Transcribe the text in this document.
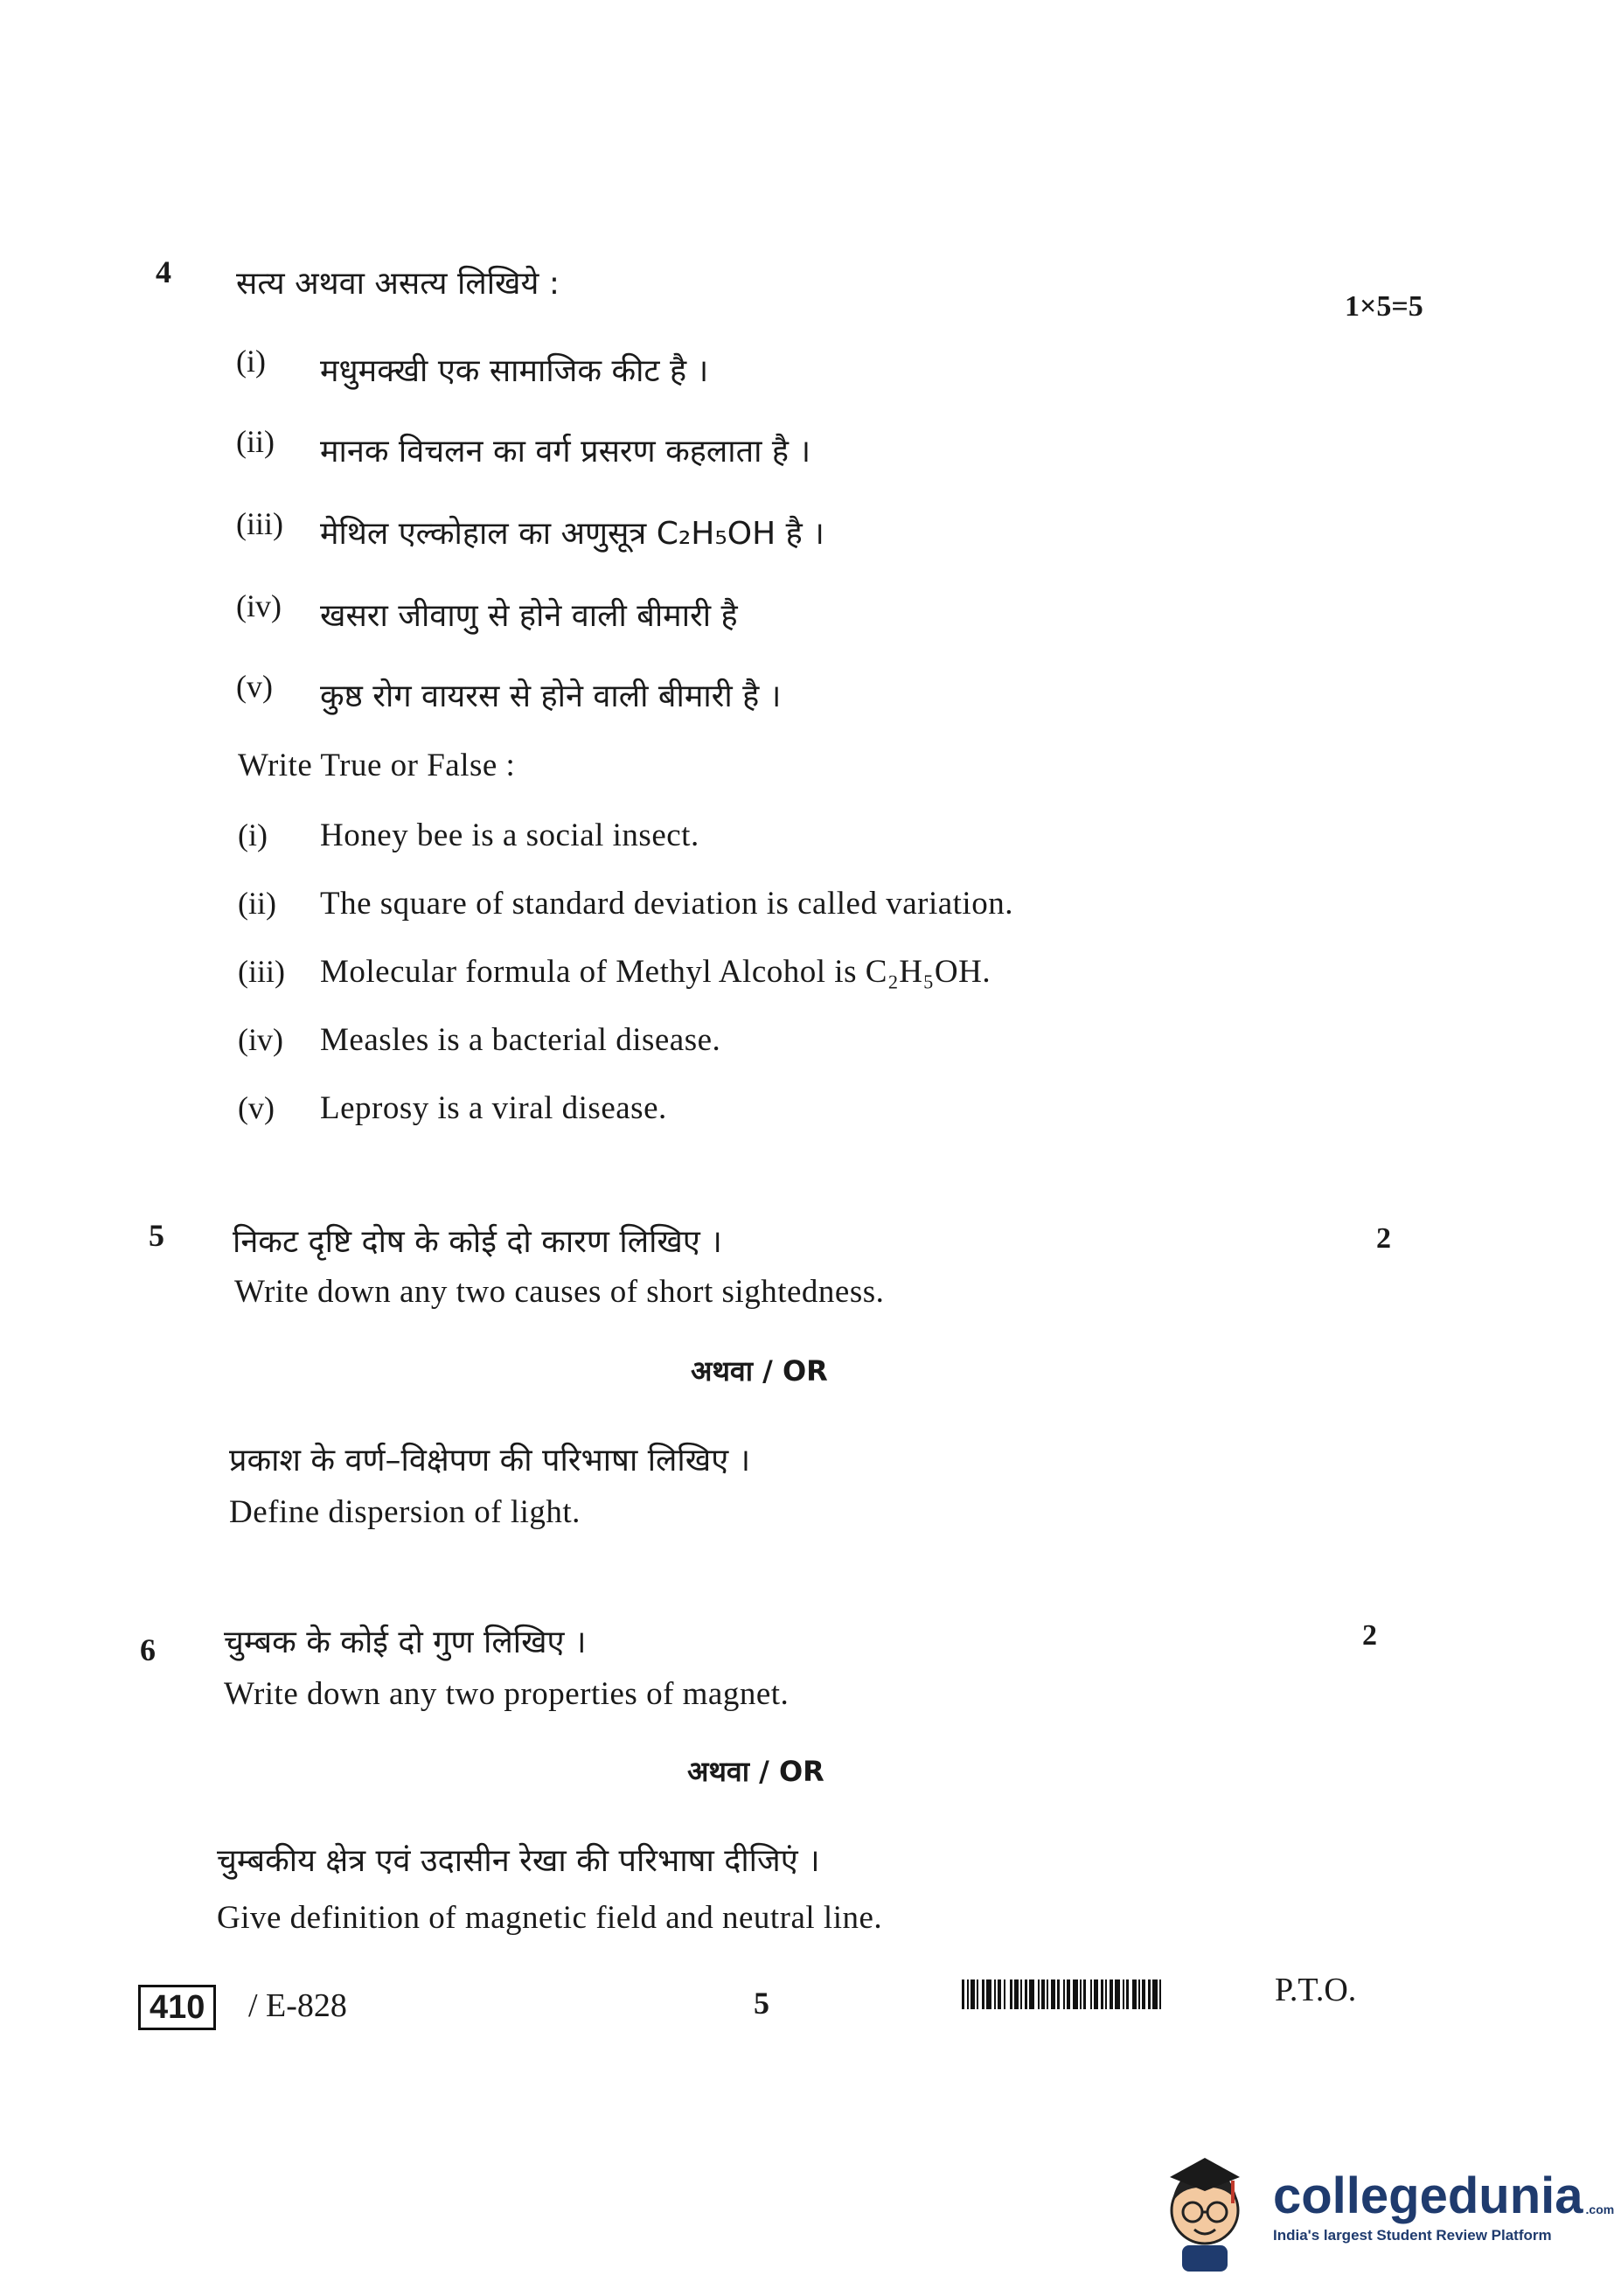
4 सत्य अथवा असत्य लिखिये :
1×5=5
(i) मधुमक्खी एक सामाजिक कीट है ।
(ii) मानक विचलन का वर्ग प्रसरण कहलाता है ।
(iii) मेथिल एल्कोहाल का अणुसूत्र C₂H₅OH है ।
(iv) खसरा जीवाणु से होने वाली बीमारी है
(v) कुष्ठ रोग वायरस से होने वाली बीमारी है ।
Write True or False :
(i) Honey bee is a social insect.
(ii) The square of standard deviation is called variation.
(iii) Molecular formula of Methyl Alcohol is C₂H₅OH.
(iv) Measles is a bacterial disease.
(v) Leprosy is a viral disease.
5 निकट दृष्टि दोष के कोई दो कारण लिखिए ।	2
Write down any two causes of short sightedness.
अथवा / OR
प्रकाश के वर्ण–विक्षेपण की परिभाषा लिखिए ।
Define dispersion of light.
6 चुम्बक के कोई दो गुण लिखिए ।	2
Write down any two properties of magnet.
अथवा / OR
चुम्बकीय क्षेत्र एवं उदासीन रेखा की परिभाषा दीजिएं ।
Give definition of magnetic field and neutral line.
410	/ E-828	5	P.T.O.
collegedunia .com
India's largest Student Review Platform
